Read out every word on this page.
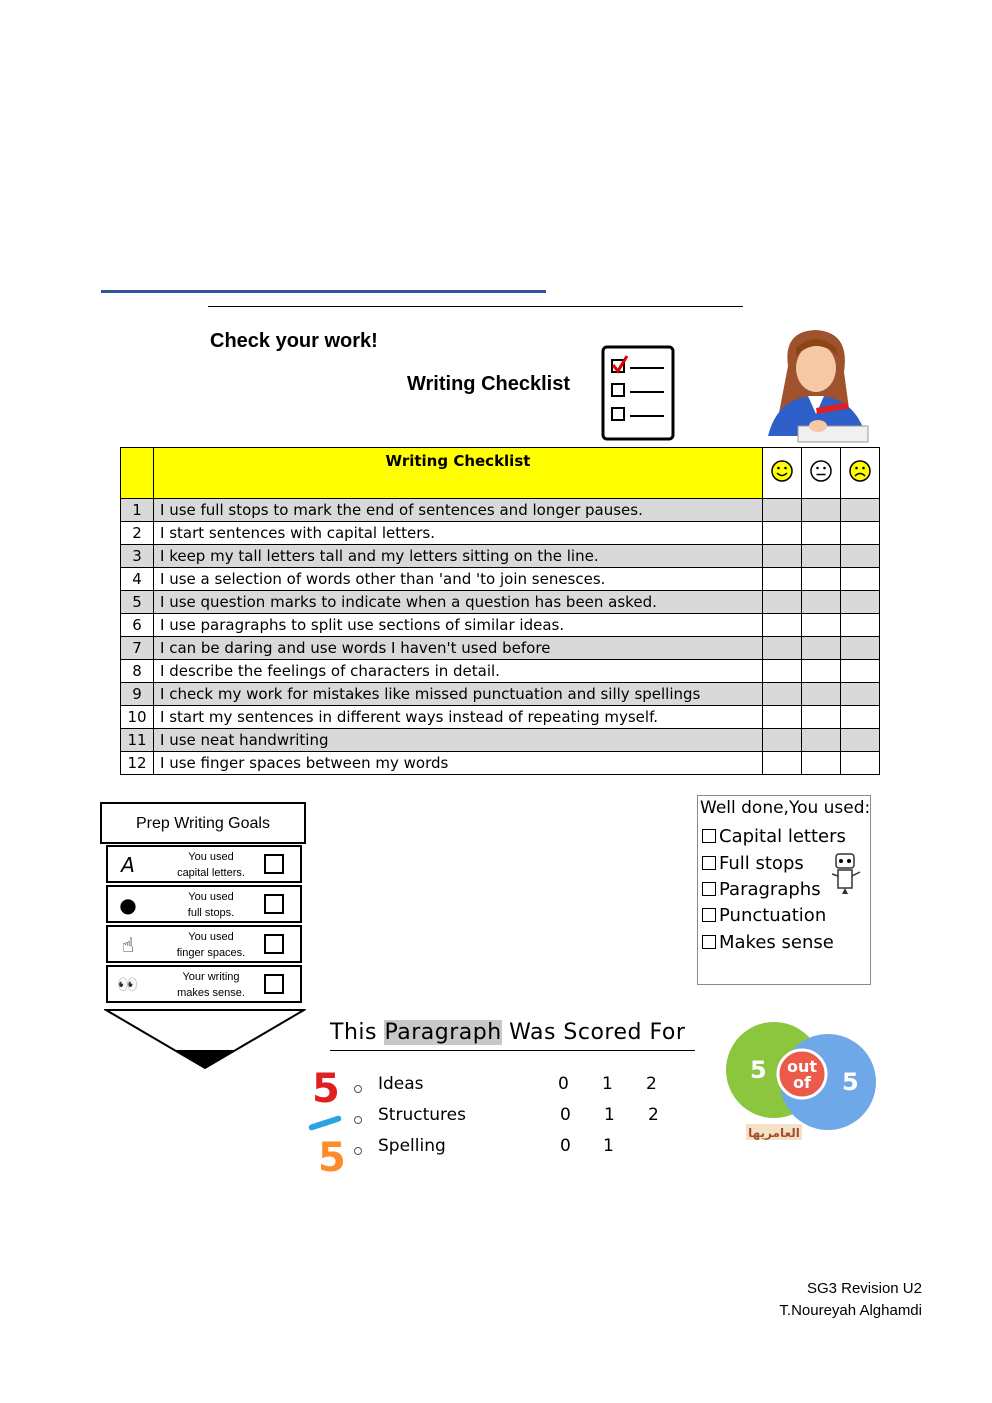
Check your work!
Writing Checklist
	Writing Checklist			
1	I use full stops to mark the end of sentences and longer pauses.			
2	I start sentences with capital letters.			
3	I keep my tall letters tall and my letters sitting on the line.			
4	I use a selection of words other than 'and 'to join senesces.			
5	I use question marks to indicate when a question has been asked.			
6	I use paragraphs to split use sections of similar ideas.			
7	I can be daring and use words I haven't used before			
8	I describe the feelings of characters in detail.			
9	I check my work for mistakes like missed punctuation and silly spellings			
10	I start my sentences in different ways instead of repeating myself.			
11	I use neat handwriting			
12	I use finger spaces between my words			
Prep Writing Goals
A	You used
capital letters.
●	You used
full stops.
☝	You used
finger spaces.
👀	Your writing
makes sense.
Well done,You used:
Capital letters
Full stops
Paragraphs
Punctuation
Makes sense
This Paragraph Was Scored For
5
5
Ideas	0 1 2
Structures	0 1 2
Spelling	0 1
5 out
of 5
العامريها
SG3 Revision U2
T.Noureyah Alghamdi
